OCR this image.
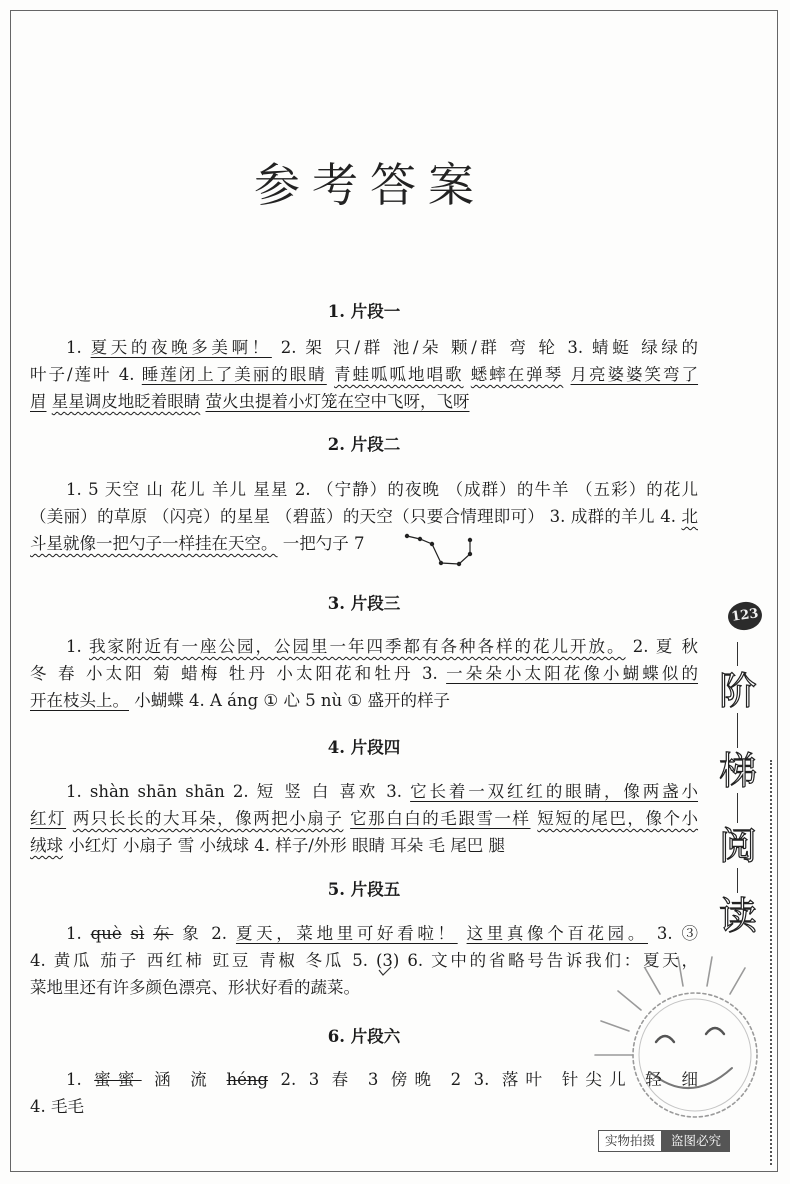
参考答案
1. 片段一
1. 夏天的夜晚多美啊！ 2. 架 只/群 池/朵 颗/群 弯 轮 3. 蜻蜓 绿绿的
叶子/莲叶 4. 睡莲闭上了美丽的眼睛 青蛙呱呱地唱歌 蟋蟀在弹琴 月亮婆婆笑弯了
眉 星星调皮地眨着眼睛 萤火虫提着小灯笼在空中飞呀，飞呀
2. 片段二
1. 5 天空 山 花儿 羊儿 星星 2. （宁静）的夜晚 （成群）的牛羊 （五彩）的花儿
（美丽）的草原 （闪亮）的星星 （碧蓝）的天空（只要合情理即可） 3. 成群的羊儿 4. 北
斗星就像一把勺子一样挂在天空。 一把勺子 7
3. 片段三
1. 我家附近有一座公园，公园里一年四季都有各种各样的花儿开放。 2. 夏 秋
冬 春 小太阳 菊 蜡梅 牡丹 小太阳花和牡丹 3. 一朵朵小太阳花像小蝴蝶似的
开在枝头上。 小蝴蝶 4. A áng ① 心 5 nù ① 盛开的样子
4. 片段四
1. shàn shān shān 2. 短 竖 白 喜欢 3. 它长着一双红红的眼睛，像两盏小
红灯 两只长长的大耳朵，像两把小扇子 它那白白的毛跟雪一样 短短的尾巴，像个小
绒球 小红灯 小扇子 雪 小绒球 4. 样子/外形 眼睛 耳朵 毛 尾巴 腿
5. 片段五
1. què sì 东 象 2. 夏天，菜地里可好看啦！ 这里真像个百花园。 3. ③
4. 黄瓜 茄子 西红柿 豇豆 青椒 冬瓜 5. (3) 6. 文中的省略号告诉我们：夏天，
菜地里还有许多颜色漂亮、形状好看的蔬菜。
6. 片段六
1. 蜜蜜 涵 流 héng 2. 3 春 3 傍晚 2 3. 落叶 针尖儿 轻 细
4. 毛毛
123
阶
梯
阅
读
实物拍摄	盗图必究
